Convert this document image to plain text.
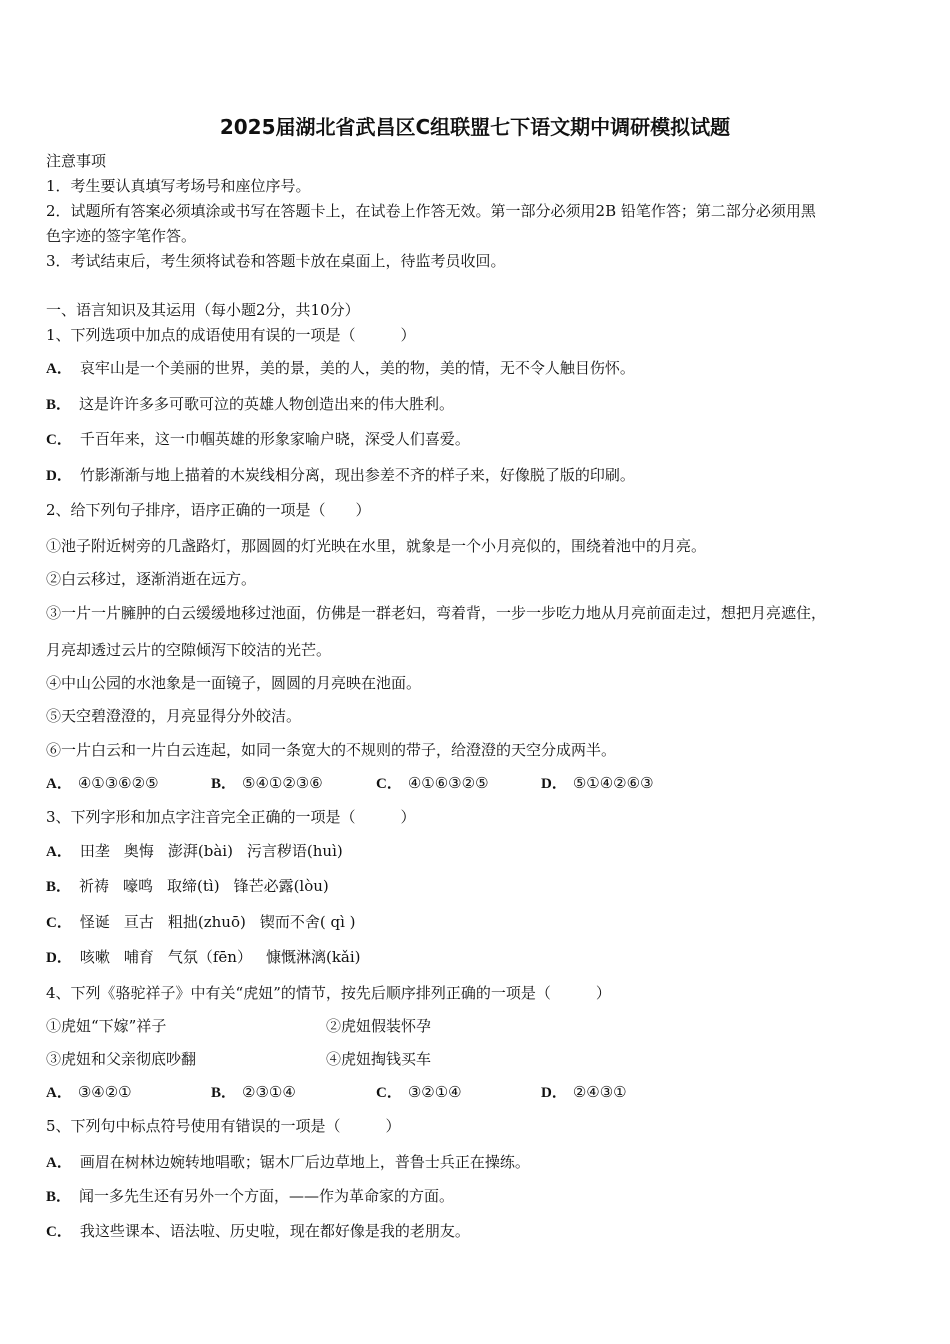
2025届湖北省武昌区C组联盟七下语文期中调研模拟试题
注意事项
1．考生要认真填写考场号和座位序号。
2．试题所有答案必须填涂或书写在答题卡上，在试卷上作答无效。第一部分必须用2B 铅笔作答；第二部分必须用黑
色字迹的签字笔作答。
3．考试结束后，考生须将试卷和答题卡放在桌面上，待监考员收回。
一、语言知识及其运用（每小题2分，共10分）
1、下列选项中加点的成语使用有误的一项是（　　　）
A． 哀牢山是一个美丽的世界，美的景，美的人，美的物，美的情，无不令人触目伤怀。
B． 这是许许多多可歌可泣的英雄人物创造出来的伟大胜利。
C． 千百年来，这一巾帼英雄的形象家喻户晓，深受人们喜爱。
D． 竹影渐渐与地上描着的木炭线相分离，现出参差不齐的样子来，好像脱了版的印刷。
2、给下列句子排序，语序正确的一项是（　　）
①池子附近树旁的几盏路灯，那圆圆的灯光映在水里，就象是一个小月亮似的，围绕着池中的月亮。
②白云移过，逐渐消逝在远方。
③一片一片臃肿的白云缓缓地移过池面，仿佛是一群老妇，弯着背，一步一步吃力地从月亮前面走过，想把月亮遮住，
月亮却透过云片的空隙倾泻下皎洁的光芒。
④中山公园的水池象是一面镜子，圆圆的月亮映在池面。
⑤天空碧澄澄的，月亮显得分外皎洁。
⑥一片白云和一片白云连起，如同一条宽大的不规则的带子，给澄澄的天空分成两半。
A． ④①③⑥②⑤	B． ⑤④①②③⑥	C． ④①⑥③②⑤	D． ⑤①④②⑥③
3、下列字形和加点字注音完全正确的一项是（　　　）
A． 田垄 奥悔 澎湃(bài) 污言秽语(huì)
B． 祈祷 嚎鸣 取缔(tì) 锋芒必露(lòu)
C． 怪诞 亘古 粗拙(zhuō) 锲而不舍( qì )
D． 咳嗽 哺育 气氛（fēn） 慷慨淋漓(kǎi)
4、下列《骆驼祥子》中有关“虎妞”的情节，按先后顺序排列正确的一项是（　　　）
①虎妞“下嫁”祥子	②虎妞假装怀孕
③虎妞和父亲彻底吵翻	④虎妞掏钱买车
A． ③④②①	B． ②③①④	C． ③②①④	D． ②④③①
5、下列句中标点符号使用有错误的一项是（　　　）
A． 画眉在树林边婉转地唱歌；锯木厂后边草地上，普鲁士兵正在操练。
B． 闻一多先生还有另外一个方面，——作为革命家的方面。
C． 我这些课本、语法啦、历史啦，现在都好像是我的老朋友。
